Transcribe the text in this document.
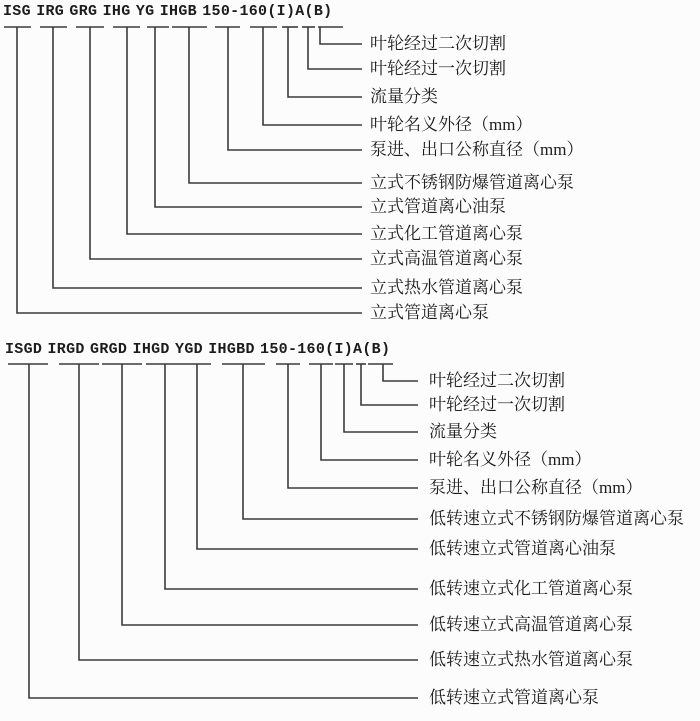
ISG IRG GRG IHG YG IHGB 150-160(I)A(B)
ISGD IRGD GRGD IHGD YGD IHGBD 150-160(I)A(B)
叶轮经过二次切割
叶轮经过一次切割
流量分类
叶轮名义外径（mm）
泵进、出口公称直径（mm）
立式不锈钢防爆管道离心泵
立式管道离心油泵
立式化工管道离心泵
立式高温管道离心泵
立式热水管道离心泵
立式管道离心泵
叶轮经过二次切割
叶轮经过一次切割
流量分类
叶轮名义外径（mm）
泵进、出口公称直径（mm）
低转速立式不锈钢防爆管道离心泵
低转速立式管道离心油泵
低转速立式化工管道离心泵
低转速立式高温管道离心泵
低转速立式热水管道离心泵
低转速立式管道离心泵
